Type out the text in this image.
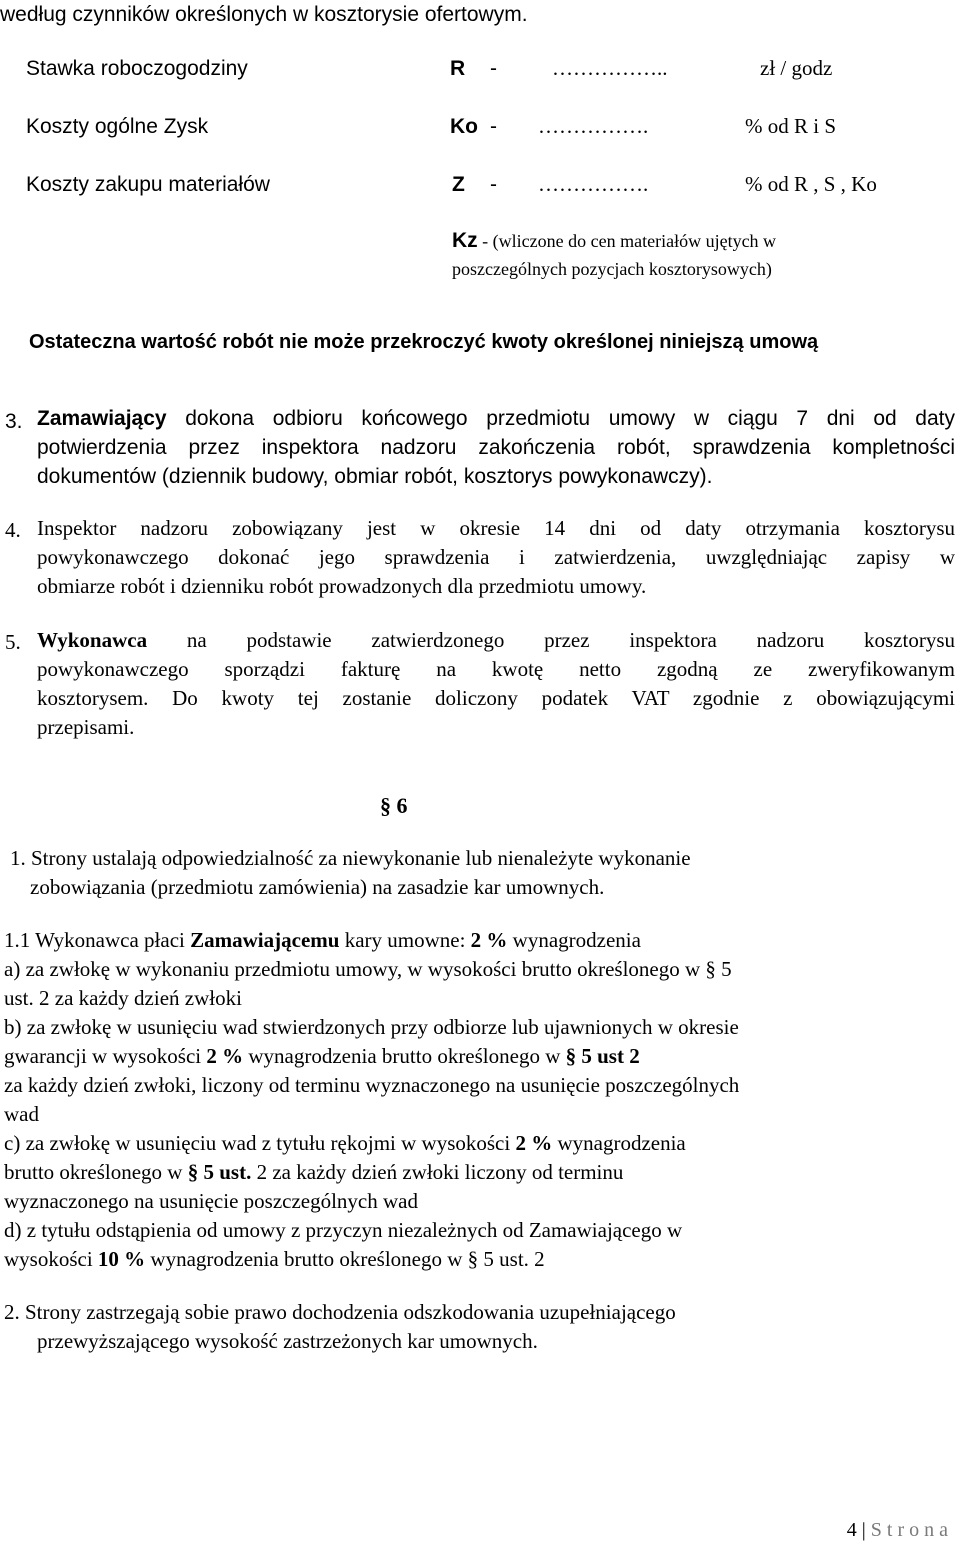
według czynników określonych w kosztorysie ofertowym.
Stawka roboczogodziny	R -	……………..	zł / godz
Koszty ogólne Zysk	Ko - …………….	% od R i S
Koszty zakupu materiałów	Z - …………….	% od R , S , Ko
Kz - (wliczone do cen materiałów ujętych w
poszczególnych pozycjach kosztorysowych)
Ostateczna wartość robót nie może przekroczyć kwoty określonej niniejszą umową
3. Zamawiający dokona odbioru końcowego przedmiotu umowy w ciągu 7 dni od daty
potwierdzenia przez inspektora nadzoru zakończenia robót, sprawdzenia kompletności
dokumentów (dziennik budowy, obmiar robót, kosztorys powykonawczy).
4. Inspektor nadzoru zobowiązany jest w okresie 14 dni od daty otrzymania kosztorysu
powykonawczego dokonać jego sprawdzenia i zatwierdzenia, uwzględniając zapisy w
obmiarze robót i dzienniku robót prowadzonych dla przedmiotu umowy.
5. Wykonawca na podstawie zatwierdzonego przez inspektora nadzoru kosztorysu
powykonawczego sporządzi fakturę na kwotę netto zgodną ze zweryfikowanym
kosztorysem. Do kwoty tej zostanie doliczony podatek VAT zgodnie z obowiązującymi
przepisami.
§ 6
1. Strony ustalają odpowiedzialność za niewykonanie lub nienależyte wykonanie
zobowiązania (przedmiotu zamówienia) na zasadzie kar umownych.
1.1 Wykonawca płaci Zamawiającemu kary umowne: 2 % wynagrodzenia
a) za zwłokę w wykonaniu przedmiotu umowy, w wysokości brutto określonego w § 5
ust. 2 za każdy dzień zwłoki
b) za zwłokę w usunięciu wad stwierdzonych przy odbiorze lub ujawnionych w okresie
gwarancji w wysokości 2 % wynagrodzenia brutto określonego w § 5 ust 2
za każdy dzień zwłoki, liczony od terminu wyznaczonego na usunięcie poszczególnych
wad
c) za zwłokę w usunięciu wad z tytułu rękojmi w wysokości 2 % wynagrodzenia
brutto określonego w § 5 ust. 2 za każdy dzień zwłoki liczony od terminu
wyznaczonego na usunięcie poszczególnych wad
d) z tytułu odstąpienia od umowy z przyczyn niezależnych od Zamawiającego w
wysokości 10 % wynagrodzenia brutto określonego w § 5 ust. 2
2. Strony zastrzegają sobie prawo dochodzenia odszkodowania uzupełniającego
przewyższającego wysokość zastrzeżonych kar umownych.
4 | S t r o n a
